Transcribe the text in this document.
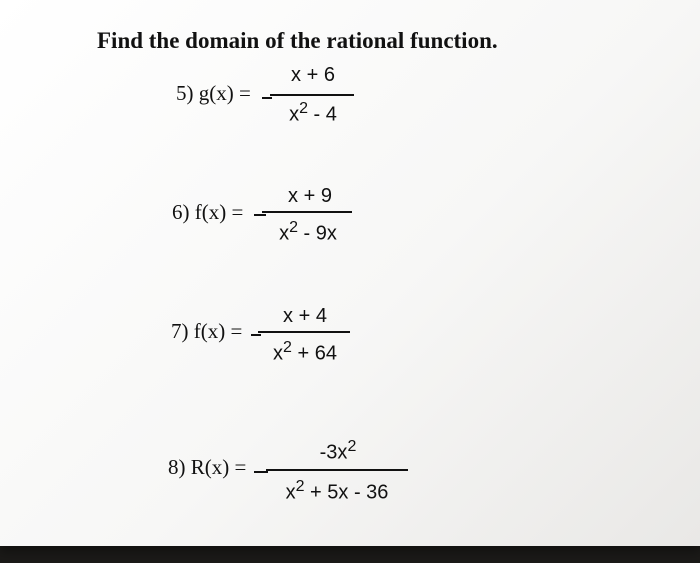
Find the domain of the rational function.
5) g(x) =
x + 6
$x^2 - 4$
6) f(x) =
x + 9
$x^2 - 9x$
7) f(x) =
x + 4
$x^2 + 64$
8) R(x) =
$-3x^2$
$x^2 + 5x - 36$
